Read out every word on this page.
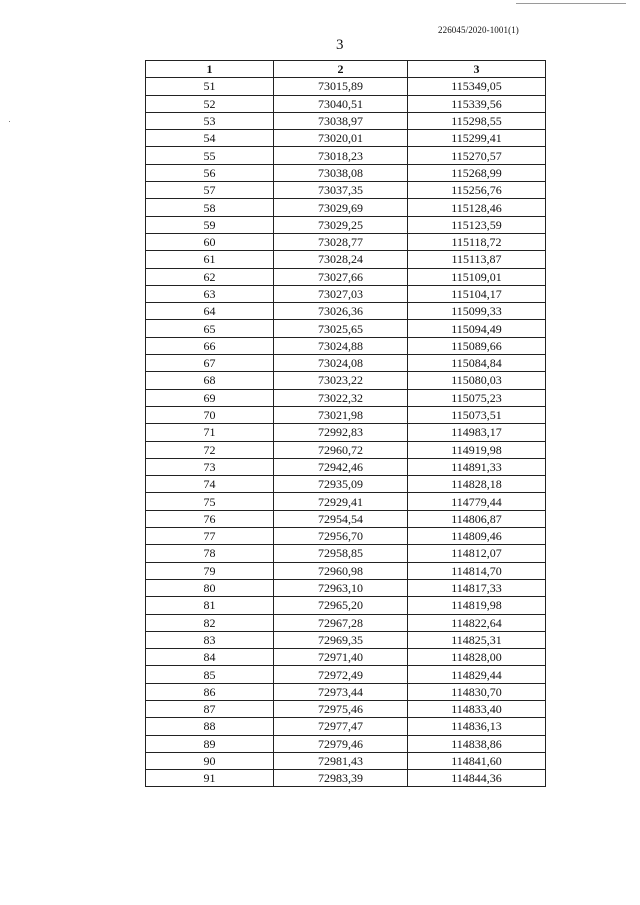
226045/2020-1001(1)
3
1	2	3
51	73015,89	115349,05
52	73040,51	115339,56
53	73038,97	115298,55
54	73020,01	115299,41
55	73018,23	115270,57
56	73038,08	115268,99
57	73037,35	115256,76
58	73029,69	115128,46
59	73029,25	115123,59
60	73028,77	115118,72
61	73028,24	115113,87
62	73027,66	115109,01
63	73027,03	115104,17
64	73026,36	115099,33
65	73025,65	115094,49
66	73024,88	115089,66
67	73024,08	115084,84
68	73023,22	115080,03
69	73022,32	115075,23
70	73021,98	115073,51
71	72992,83	114983,17
72	72960,72	114919,98
73	72942,46	114891,33
74	72935,09	114828,18
75	72929,41	114779,44
76	72954,54	114806,87
77	72956,70	114809,46
78	72958,85	114812,07
79	72960,98	114814,70
80	72963,10	114817,33
81	72965,20	114819,98
82	72967,28	114822,64
83	72969,35	114825,31
84	72971,40	114828,00
85	72972,49	114829,44
86	72973,44	114830,70
87	72975,46	114833,40
88	72977,47	114836,13
89	72979,46	114838,86
90	72981,43	114841,60
91	72983,39	114844,36
